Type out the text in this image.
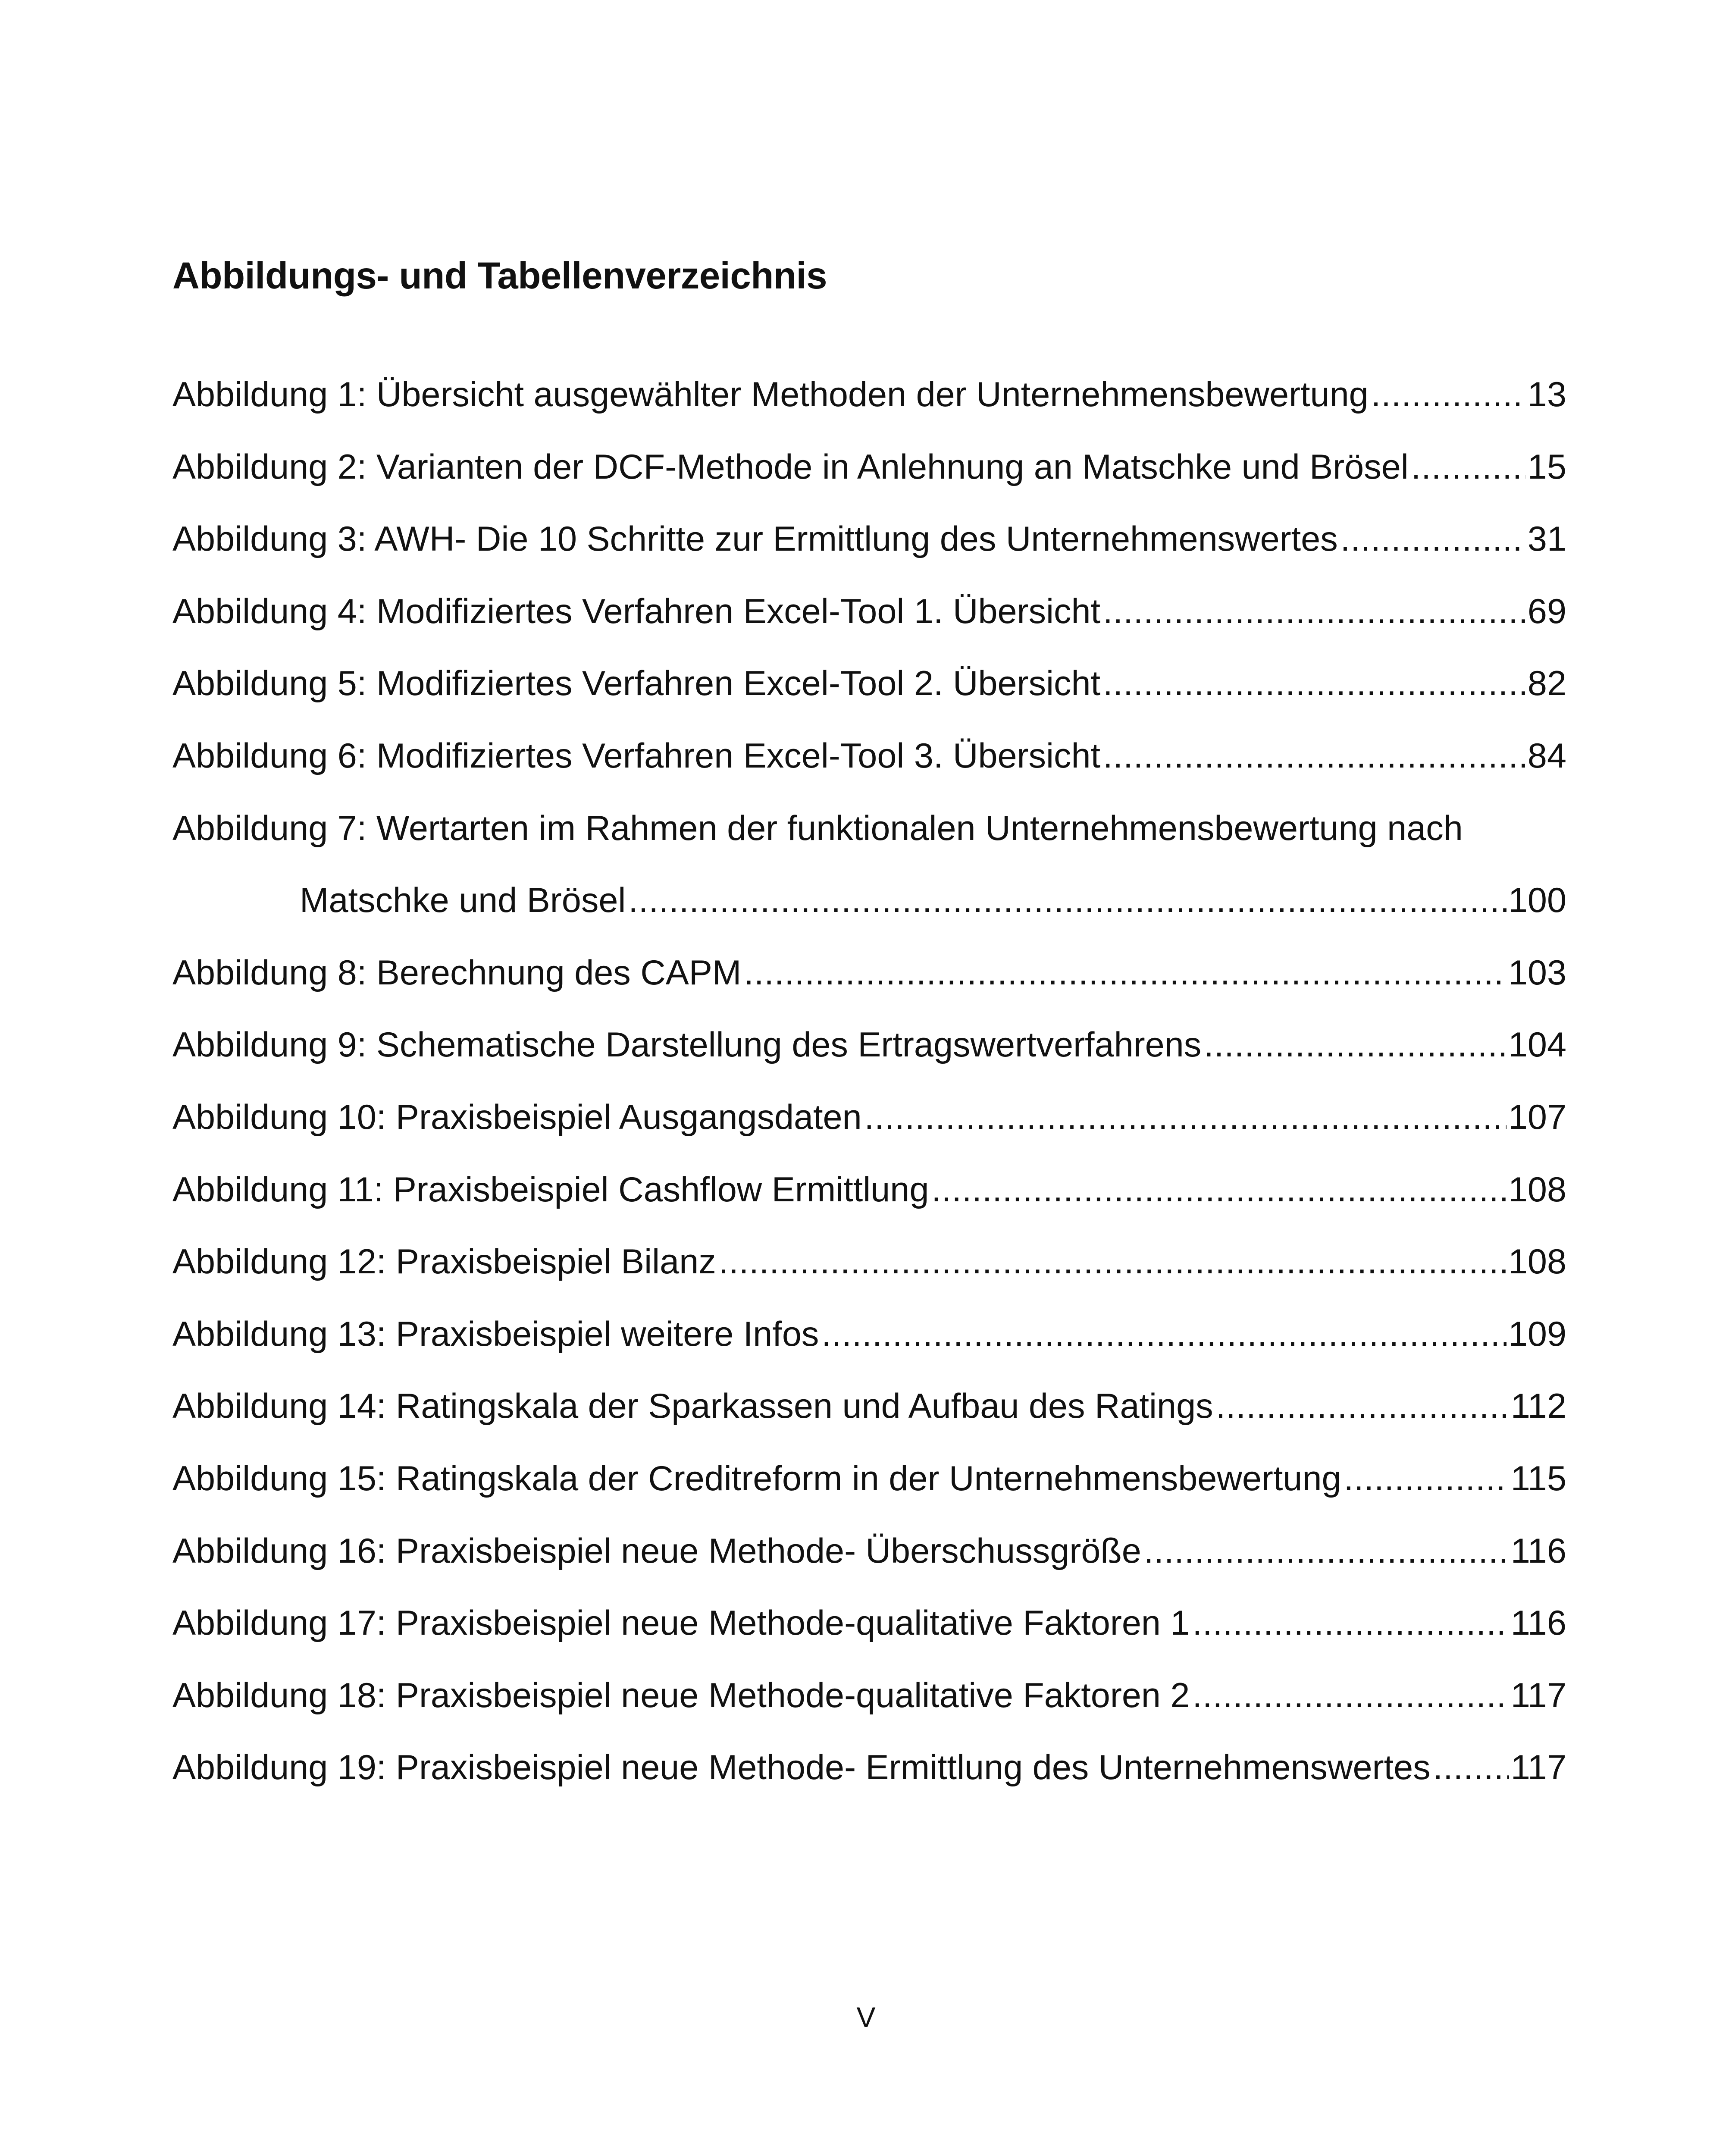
Abbildungs- und Tabellenverzeichnis
Abbildung 1: Übersicht ausgewählter Methoden der Unternehmensbewertung .....	13
Abbildung 2: Varianten der DCF-Methode in Anlehnung an Matschke und Brösel .....	15
Abbildung 3: AWH- Die 10 Schritte zur Ermittlung des Unternehmenswertes .....	31
Abbildung 4: Modifiziertes Verfahren Excel-Tool 1. Übersicht .....	69
Abbildung 5: Modifiziertes Verfahren Excel-Tool 2. Übersicht .....	82
Abbildung 6: Modifiziertes Verfahren Excel-Tool 3. Übersicht .....	84
Abbildung 7: Wertarten im Rahmen der funktionalen Unternehmensbewertung nach
Matschke und Brösel .....	100
Abbildung 8: Berechnung des CAPM .....	103
Abbildung 9: Schematische Darstellung des Ertragswertverfahrens .....	104
Abbildung 10: Praxisbeispiel Ausgangsdaten .....	107
Abbildung 11: Praxisbeispiel Cashflow Ermittlung .....	108
Abbildung 12: Praxisbeispiel Bilanz .....	108
Abbildung 13: Praxisbeispiel weitere Infos .....	109
Abbildung 14: Ratingskala der Sparkassen und Aufbau des Ratings .....	112
Abbildung 15: Ratingskala der Creditreform in der Unternehmensbewertung .....	115
Abbildung 16: Praxisbeispiel neue Methode- Überschussgröße .....	116
Abbildung 17: Praxisbeispiel neue Methode-qualitative Faktoren 1 .....	116
Abbildung 18: Praxisbeispiel neue Methode-qualitative Faktoren 2 .....	117
Abbildung 19: Praxisbeispiel neue Methode- Ermittlung des Unternehmenswertes ..... 117
V
